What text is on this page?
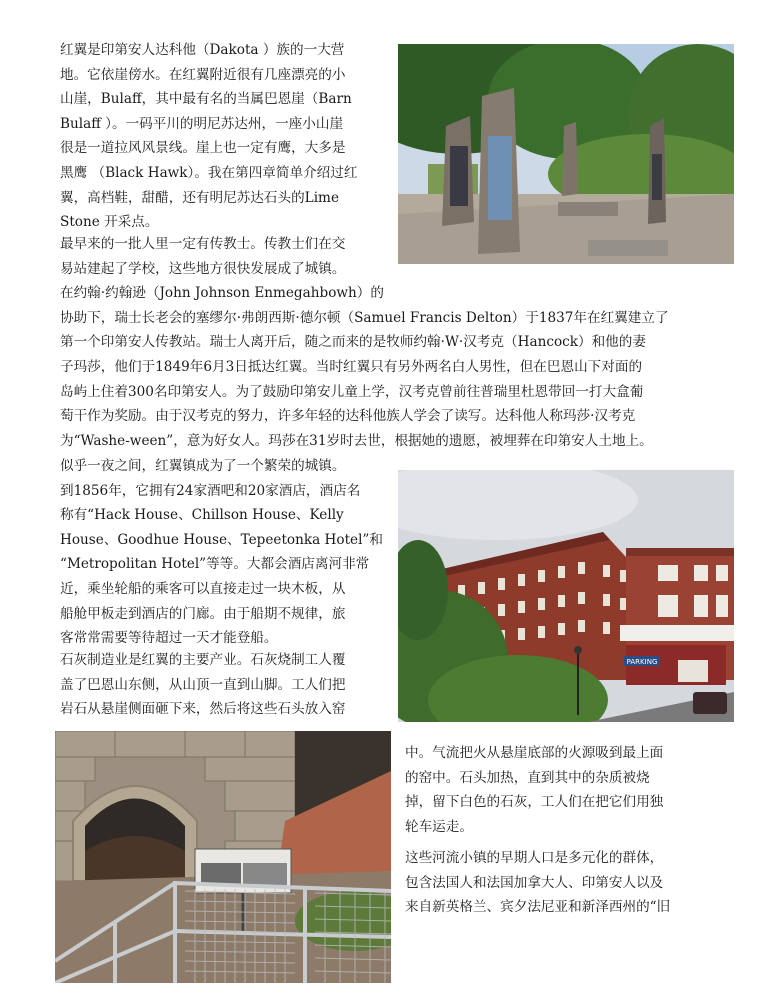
红翼是印第安人达科他（Dakota ）族的一大营
地。它依崖傍水。在红翼附近很有几座漂亮的小
山崖，Bulaff，其中最有名的当属巴恩崖（Barn
Bulaff ）。一码平川的明尼苏达州，一座小山崖
很是一道拉风风景线。崖上也一定有鹰，大多是
黑鹰 （Black Hawk）。我在第四章简单介绍过红
翼，高档鞋，甜醋，还有明尼苏达石头的Lime
Stone 开采点。
最早来的一批人里一定有传教士。传教士们在交
易站建起了学校，这些地方很快发展成了城镇。
在约翰·约翰逊（John Johnson Enmegahbowh）的
协助下，瑞士长老会的塞缪尔·弗朗西斯·德尔顿（Samuel Francis Delton）于1837年在红翼建立了
第一个印第安人传教站。瑞士人离开后，随之而来的是牧师约翰·W·汉考克（Hancock）和他的妻
子玛莎，他们于1849年6月3日抵达红翼。当时红翼只有另外两名白人男性，但在巴恩山下对面的
岛屿上住着300名印第安人。为了鼓励印第安儿童上学，汉考克曾前往普瑞里杜恩带回一打大盒葡
萄干作为奖励。由于汉考克的努力，许多年轻的达科他族人学会了读写。达科他人称玛莎·汉考克
为“Washe-ween”，意为好女人。玛莎在31岁时去世，根据她的遗愿，被埋葬在印第安人土地上。
似乎一夜之间，红翼镇成为了一个繁荣的城镇。
到1856年，它拥有24家酒吧和20家酒店，酒店名
称有“Hack House、Chillson House、Kelly
House、Goodhue House、Tepeetonka Hotel”和
“Metropolitan Hotel”等等。大都会酒店离河非常
近，乘坐轮船的乘客可以直接走过一块木板，从
船舱甲板走到酒店的门廊。由于船期不规律，旅
客常常需要等待超过一天才能登船。
PARKING
石灰制造业是红翼的主要产业。石灰烧制工人覆
盖了巴恩山东侧，从山顶一直到山脚。工人们把
岩石从悬崖侧面砸下来，然后将这些石头放入窑
中。气流把火从悬崖底部的火源吸到最上面
的窑中。石头加热，直到其中的杂质被烧
掉，留下白色的石灰，工人们在把它们用独
轮车运走。
这些河流小镇的早期人口是多元化的群体，
包含法国人和法国加拿大人、印第安人以及
来自新英格兰、宾夕法尼亚和新泽西州的“旧
